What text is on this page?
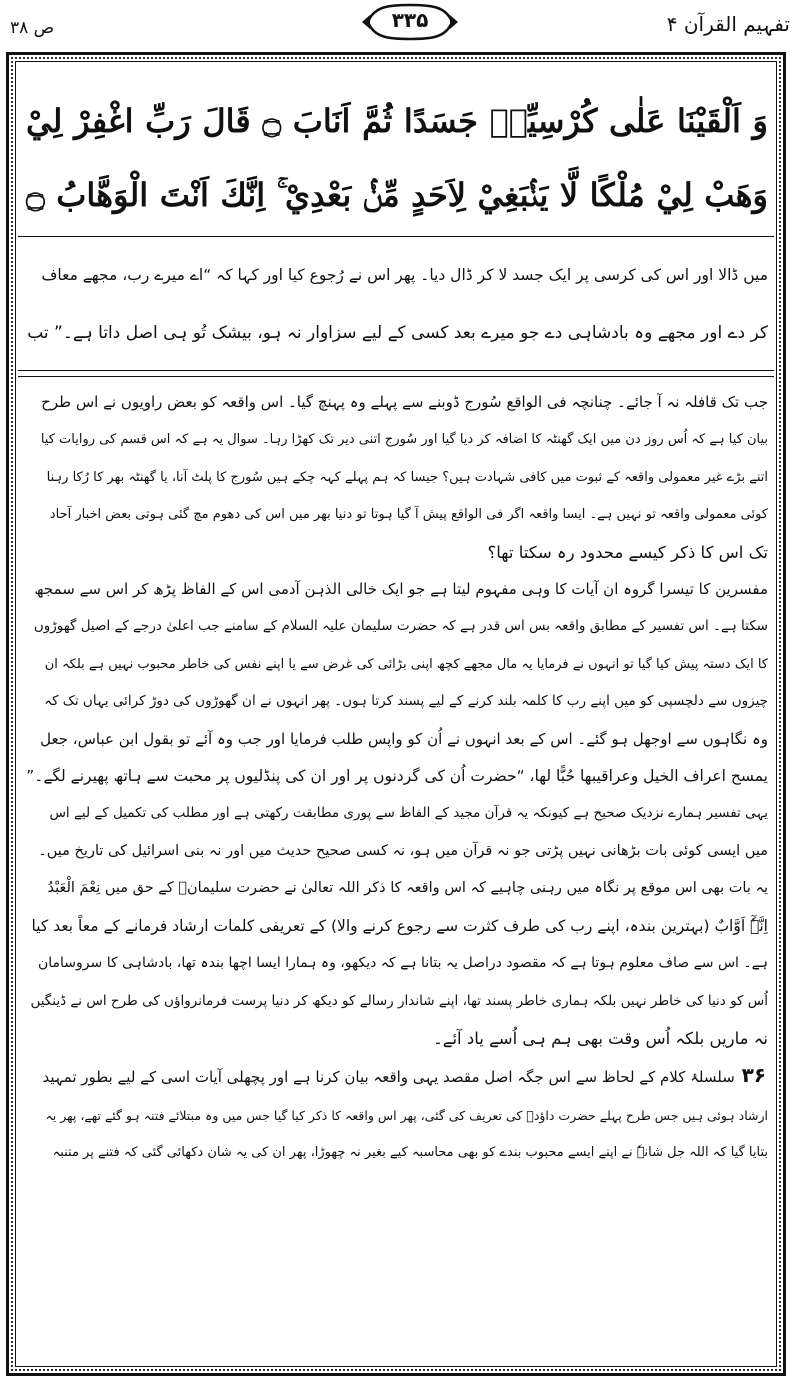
تفہیم القرآن ۴
۳۳۵
ص ۳۸
وَ اَلْقَيْنَا عَلٰى كُرْسِيِّهٖ جَسَدًا ثُمَّ اَنَابَ ۝ قَالَ رَبِّ اغْفِرْ لِيْ
وَهَبْ لِيْ مُلْكًا لَّا يَنْۢبَغِيْ لِاَحَدٍ مِّنْۢ بَعْدِيْ ۚ اِنَّكَ اَنْتَ الْوَهَّابُ ۝

میں ڈالا اور اس کی کرسی پر ایک جسد لا کر ڈال دیا۔ پھر اس نے رُجوع کیا اور کہا کہ “اے میرے رب، مجھے معاف

کر دے اور مجھے وہ بادشاہی دے جو میرے بعد کسی کے لیے سزاوار نہ ہو، بیشک تُو ہی اصل داتا ہے۔” تب

جب تک قافلہ نہ آ جائے۔ چنانچہ فی الواقع سُورج ڈوبنے سے پہلے وہ پہنچ گیا۔ اس واقعہ کو بعض راویوں نے اس طرح

بیان کیا ہے کہ اُس روز دن میں ایک گھنٹہ کا اضافہ کر دیا گیا اور سُورج اتنی دیر تک کھڑا رہا۔ سوال یہ ہے کہ اس قسم کی روایات کیا

اتنے بڑے غیر معمولی واقعہ کے ثبوت میں کافی شہادت ہیں؟ جیسا کہ ہم پہلے کہہ چکے ہیں سُورج کا پلٹ آنا، یا گھنٹہ بھر کا رُکا رہنا

کوئی معمولی واقعہ تو نہیں ہے۔ ایسا واقعہ اگر فی الواقع پیش آ گیا ہوتا تو دنیا بھر میں اس کی دھوم مچ گئی ہوتی بعض اخبار آحاد

تک اس کا ذکر کیسے محدود رہ سکتا تھا؟

مفسرین کا تیسرا گروہ ان آیات کا وہی مفہوم لیتا ہے جو ایک خالی الذہن آدمی اس کے الفاظ پڑھ کر اس سے سمجھ

سکتا ہے۔ اس تفسیر کے مطابق واقعہ بس اس قدر ہے کہ حضرت سلیمان علیہ السلام کے سامنے جب اعلیٰ درجے کے اصیل گھوڑوں

کا ایک دستہ پیش کیا گیا تو انہوں نے فرمایا یہ مال مجھے کچھ اپنی بڑائی کی غرض سے یا اپنے نفس کی خاطر محبوب نہیں ہے بلکہ ان

چیزوں سے دلچسپی کو میں اپنے رب کا کلمہ بلند کرنے کے لیے پسند کرتا ہوں۔ پھر انہوں نے ان گھوڑوں کی دوڑ کرائی یہاں تک کہ

وہ نگاہوں سے اوجھل ہو گئے۔ اس کے بعد انہوں نے اُن کو واپس طلب فرمایا اور جب وہ آئے تو بقول ابن عباس، جعل

یمسح اعراف الخیل وعراقیبھا حُبًّا لھا، “حضرت اُن کی گردنوں پر اور ان کی پنڈلیوں پر محبت سے ہاتھ پھیرنے لگے۔”

یہی تفسیر ہمارے نزدیک صحیح ہے کیونکہ یہ قرآن مجید کے الفاظ سے پوری مطابقت رکھتی ہے اور مطلب کی تکمیل کے لیے اس

میں ایسی کوئی بات بڑھانی نہیں پڑتی جو نہ قرآن میں ہو، نہ کسی صحیح حدیث میں اور نہ بنی اسرائیل کی تاریخ میں۔

یہ بات بھی اس موقع پر نگاہ میں رہنی چاہیے کہ اس واقعہ کا ذکر اللہ تعالیٰ نے حضرت سلیمانؑ کے حق میں نِعْمَ الْعَبْدُ

اِنَّہٗٓ اَوَّابٌ (بہترین بندہ، اپنے رب کی طرف کثرت سے رجوع کرنے والا) کے تعریفی کلمات ارشاد فرمانے کے معاً بعد کیا

ہے۔ اس سے صاف معلوم ہوتا ہے کہ مقصود دراصل یہ بتانا ہے کہ دیکھو، وہ ہمارا ایسا اچھا بندہ تھا، بادشاہی کا سروسامان

اُس کو دنیا کی خاطر نہیں بلکہ ہماری خاطر پسند تھا، اپنے شاندار رسالے کو دیکھ کر دنیا پرست فرمانرواؤں کی طرح اس نے ڈینگیں

نہ ماریں بلکہ اُس وقت بھی ہم ہی اُسے یاد آئے۔

۳۶ سلسلۂ کلام کے لحاظ سے اس جگہ اصل مقصد یہی واقعہ بیان کرنا ہے اور پچھلی آیات اسی کے لیے بطور تمہید

ارشاد ہوئی ہیں جس طرح پہلے حضرت داؤدؑ کی تعریف کی گئی، پھر اس واقعہ کا ذکر کیا گیا جس میں وہ مبتلائے فتنہ ہو گئے تھے، پھر یہ

بتایا گیا کہ اللہ جل شانہٗ نے اپنے ایسے محبوب بندے کو بھی محاسبہ کیے بغیر نہ چھوڑا، پھر ان کی یہ شان دکھائی گئی کہ فتنے پر متنبہ
